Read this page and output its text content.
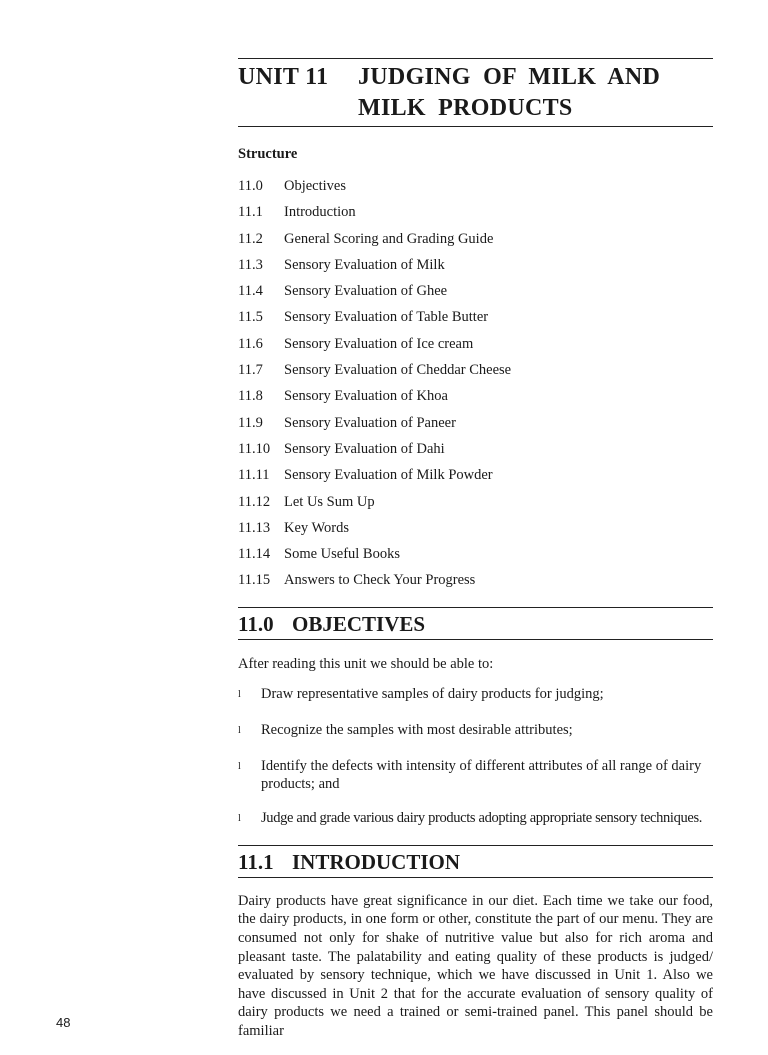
UNIT 11	JUDGING OF MILK AND
MILK PRODUCTS
Structure
11.0	Objectives
11.1	Introduction
11.2	General Scoring and Grading Guide
11.3	Sensory Evaluation of Milk
11.4	Sensory Evaluation of Ghee
11.5	Sensory Evaluation of Table Butter
11.6	Sensory Evaluation of Ice cream
11.7	Sensory Evaluation of Cheddar Cheese
11.8	Sensory Evaluation of Khoa
11.9	Sensory Evaluation of Paneer
11.10 Sensory Evaluation of Dahi
11.11 Sensory Evaluation of Milk Powder
11.12 Let Us Sum Up
11.13 Key Words
11.14 Some Useful Books
11.15 Answers to Check Your Progress
11.0 OBJECTIVES
After reading this unit we should be able to:
l	Draw representative samples of dairy products for judging;
l	Recognize the samples with most desirable attributes;
l	Identify the defects with intensity of different attributes of all range of dairy products; and
l	Judge and grade various dairy products adopting appropriate sensory techniques.
11.1 INTRODUCTION

Dairy products have great significance in our diet. Each time we take our food, the dairy products, in one form or other, constitute the part of our menu. They are consumed not only for shake of nutritive value but also for rich aroma and pleasant taste. The palatability and eating quality of these products is judged/ evaluated by sensory technique, which we have discussed in Unit 1. Also we have discussed in Unit 2 that for the accurate evaluation of sensory quality of dairy products we need a trained or semi-trained panel. This panel should be familiar

48
